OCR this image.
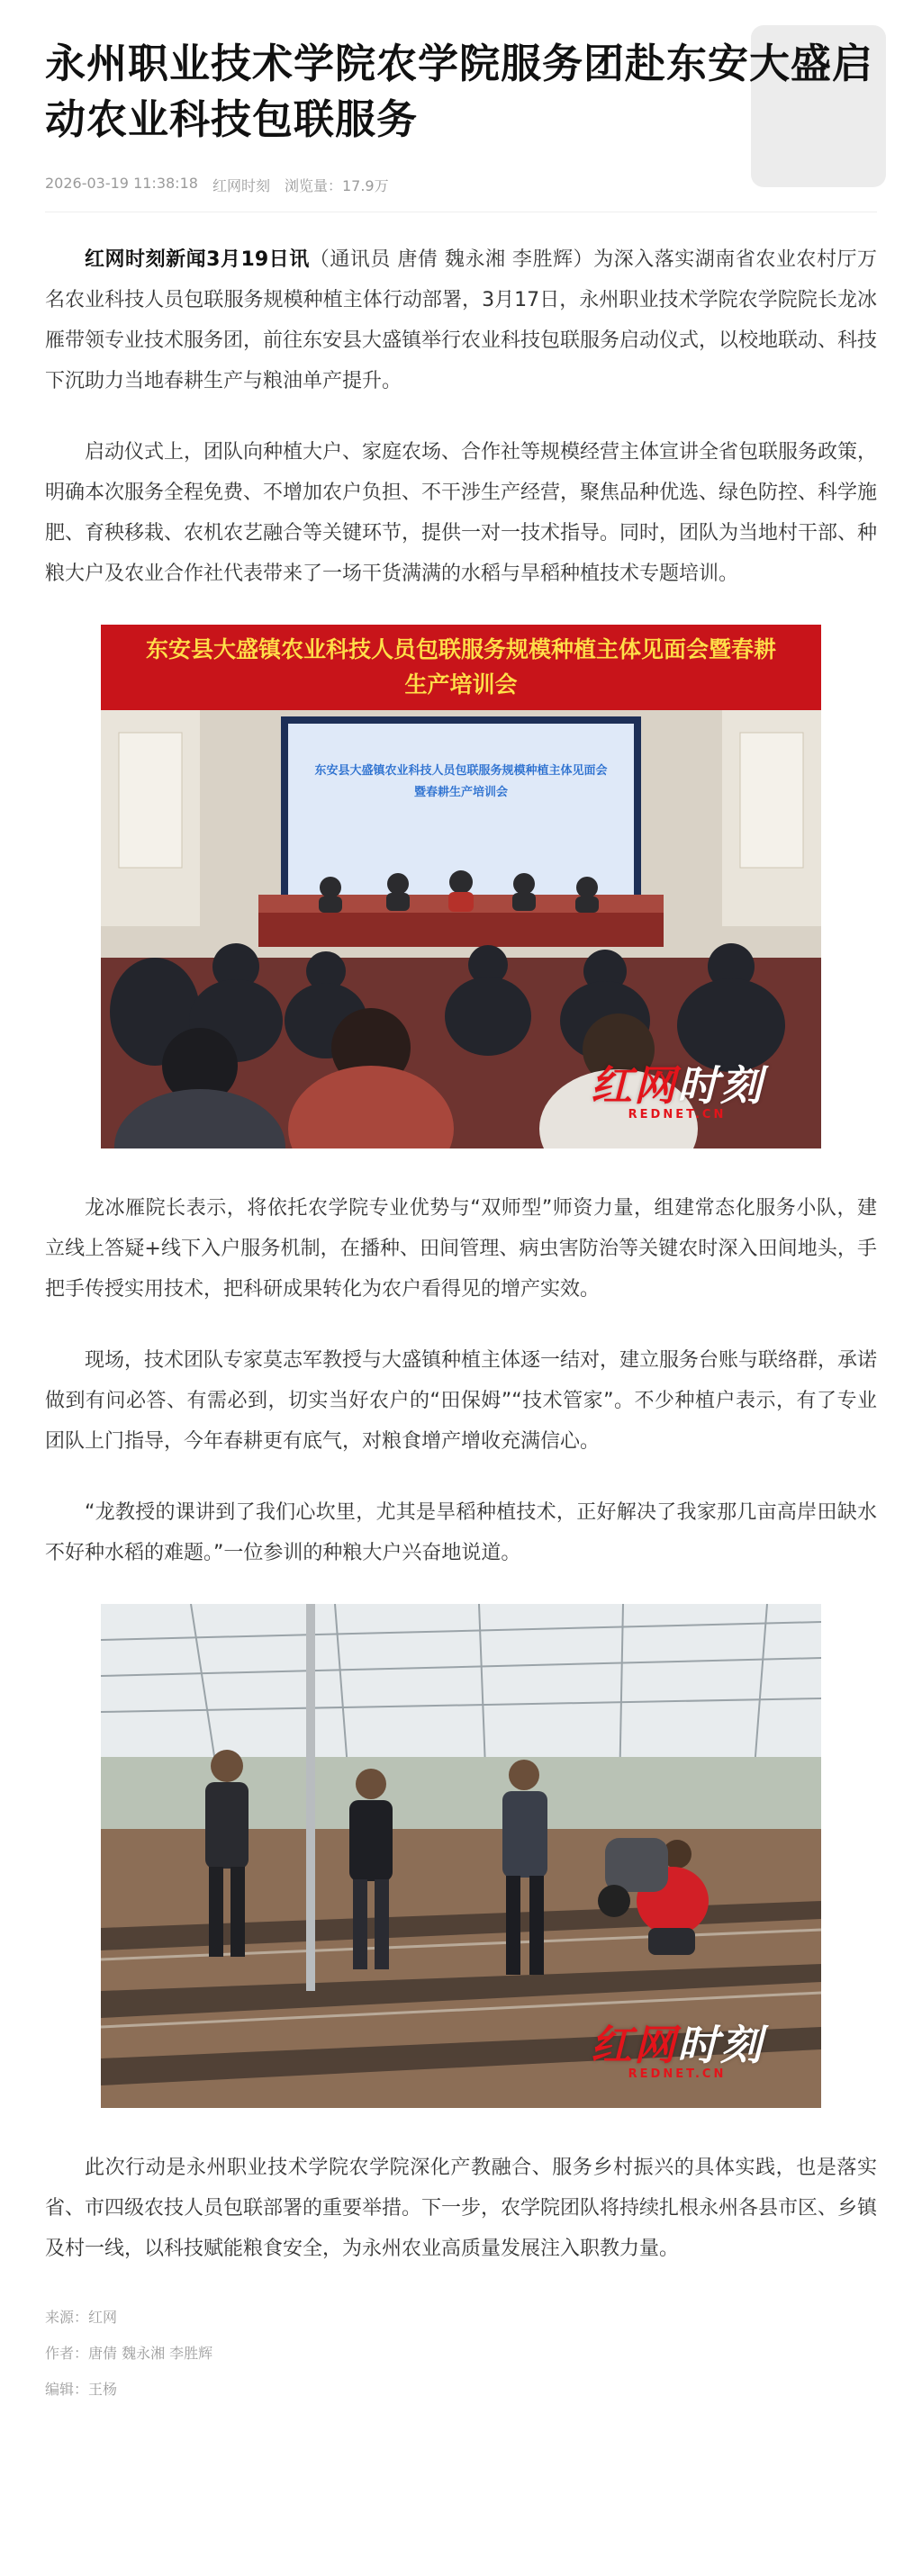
永州职业技术学院农学院服务团赴东安大盛启动农业科技包联服务
2026-03-19 11:38:18 红网时刻 浏览量：17.9万

红网时刻新闻3月19日讯（通讯员 唐倩 魏永湘 李胜辉）为深入落实湖南省农业农村厅万名农业科技人员包联服务规模种植主体行动部署，3月17日，永州职业技术学院农学院院长龙冰雁带领专业技术服务团，前往东安县大盛镇举行农业科技包联服务启动仪式，以校地联动、科技下沉助力当地春耕生产与粮油单产提升。

启动仪式上，团队向种植大户、家庭农场、合作社等规模经营主体宣讲全省包联服务政策，明确本次服务全程免费、不增加农户负担、不干涉生产经营，聚焦品种优选、绿色防控、科学施肥、育秧移栽、农机农艺融合等关键环节，提供一对一技术指导。同时，团队为当地村干部、种粮大户及农业合作社代表带来了一场干货满满的水稻与旱稻种植技术专题培训。

东安县大盛镇农业科技人员包联服务规模种植主体见面会暨春耕
生产培训会
东安县大盛镇农业科技人员包联服务规模种植主体见面会
暨春耕生产培训会
红网时刻
REDNET.CN

龙冰雁院长表示，将依托农学院专业优势与“双师型”师资力量，组建常态化服务小队，建立线上答疑+线下入户服务机制，在播种、田间管理、病虫害防治等关键农时深入田间地头，手把手传授实用技术，把科研成果转化为农户看得见的增产实效。

现场，技术团队专家莫志军教授与大盛镇种植主体逐一结对，建立服务台账与联络群，承诺做到有问必答、有需必到，切实当好农户的“田保姆”“技术管家”。不少种植户表示，有了专业团队上门指导，今年春耕更有底气，对粮食增产增收充满信心。

“龙教授的课讲到了我们心坎里，尤其是旱稻种植技术，正好解决了我家那几亩高岸田缺水不好种水稻的难题。”一位参训的种粮大户兴奋地说道。

红网时刻
REDNET.CN

此次行动是永州职业技术学院农学院深化产教融合、服务乡村振兴的具体实践，也是落实省、市四级农技人员包联部署的重要举措。下一步，农学院团队将持续扎根永州各县市区、乡镇及村一线，以科技赋能粮食安全，为永州农业高质量发展注入职教力量。

来源：红网
作者：唐倩 魏永湘 李胜辉
编辑：王杨
